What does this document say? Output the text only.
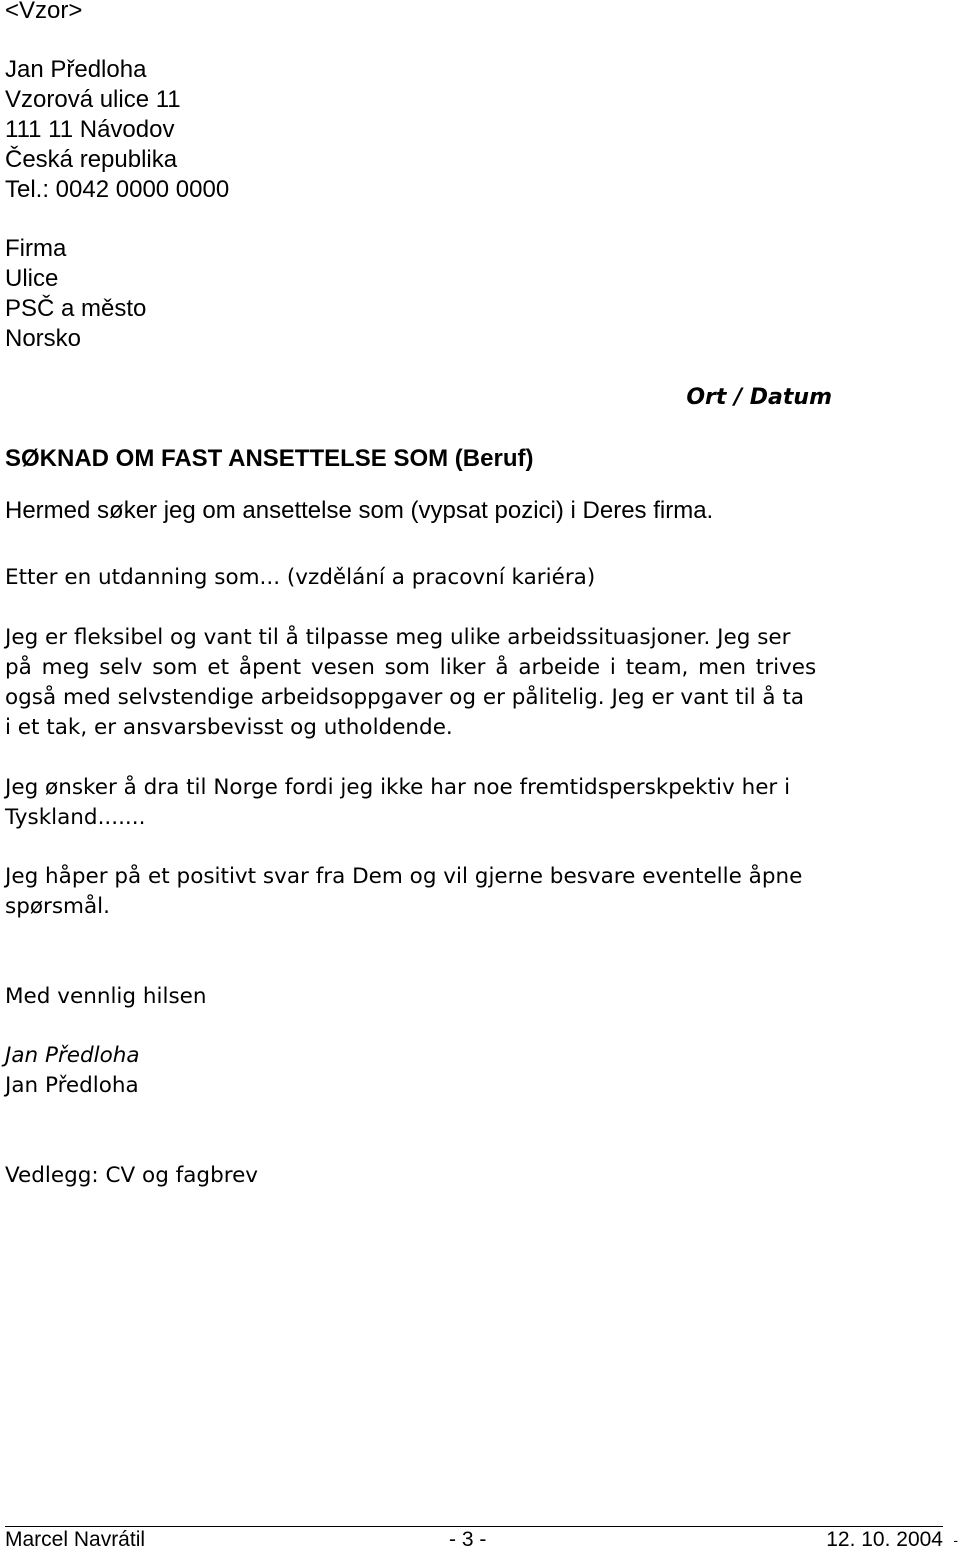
<Vzor>
Jan Předloha
Vzorová ulice 11
111 11 Návodov
Česká republika
Tel.: 0042 0000 0000
Firma
Ulice
PSČ a město
Norsko
Ort / Datum
SØKNAD OM FAST ANSETTELSE SOM (Beruf)
Hermed søker jeg om ansettelse som (vypsat pozici) i Deres firma.
Etter en utdanning som... (vzdělání a pracovní kariéra)
Jeg er fleksibel og vant til å tilpasse meg ulike arbeidssituasjoner. Jeg ser
på meg selv som et åpent vesen som liker å arbeide i team, men trives
også med selvstendige arbeidsoppgaver og er pålitelig. Jeg er vant til å ta
i et tak, er ansvarsbevisst og utholdende.
Jeg ønsker å dra til Norge fordi jeg ikke har noe fremtidsperskpektiv her i
Tyskland.......
Jeg håper på et positivt svar fra Dem og vil gjerne besvare eventelle åpne
spørsmål.
Med vennlig hilsen
Jan Předloha
Jan Předloha
Vedlegg: CV og fagbrev
Marcel Navrátil	- 3 -	12. 10. 2004 -
